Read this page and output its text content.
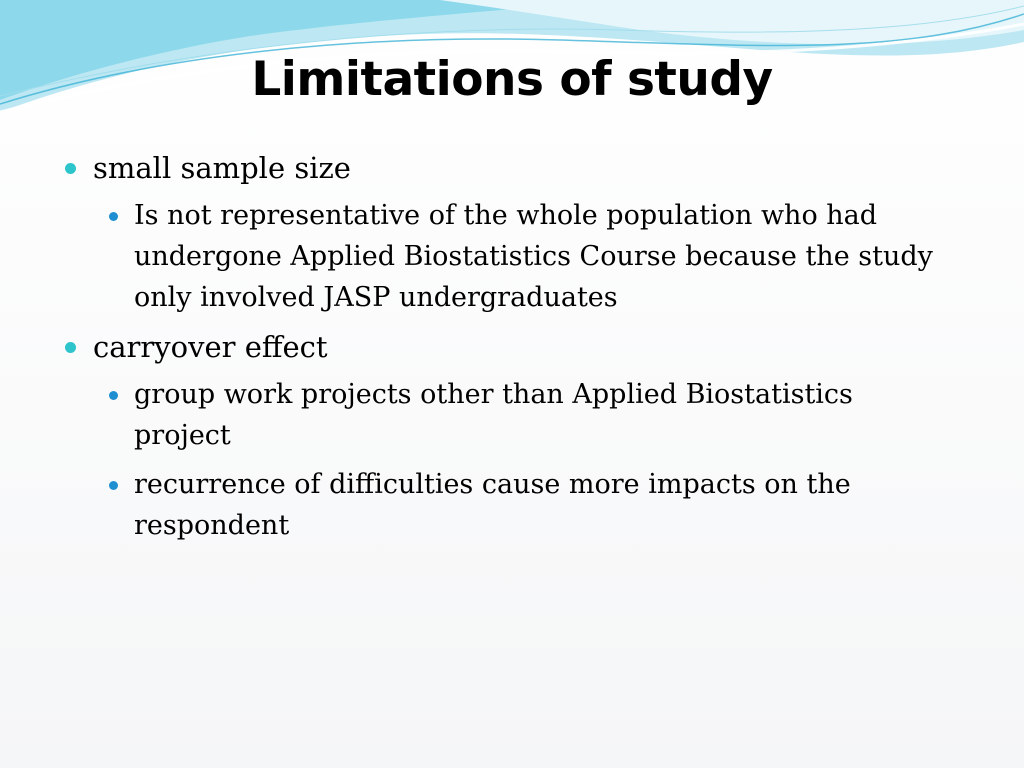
Limitations of study
small sample size
Is not representative of the whole population who had undergone Applied Biostatistics Course because the study only involved JASP undergraduates
carryover effect
group work projects other than Applied Biostatistics project
recurrence of difficulties cause more impacts on the respondent
